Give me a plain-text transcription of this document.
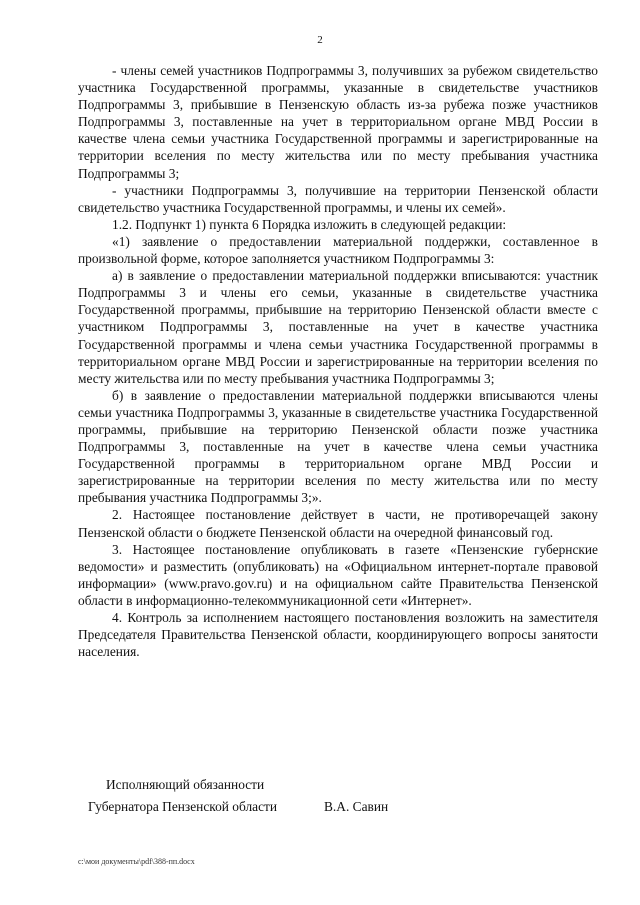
2

- члены семей участников Подпрограммы 3, получивших за рубежом свидетельство участника Государственной программы, указанные в свидетельстве участников Подпрограммы 3, прибывшие в Пензенскую область из-за рубежа позже участников Подпрограммы 3, поставленные на учет в территориальном органе МВД России в качестве члена семьи участника Государственной программы и зарегистрированные на территории вселения по месту жительства или по месту пребывания участника Подпрограммы 3;

- участники Подпрограммы 3, получившие на территории Пензенской области свидетельство участника Государственной программы, и члены их семей».

1.2. Подпункт 1) пункта 6 Порядка изложить в следующей редакции:

«1) заявление о предоставлении материальной поддержки, составленное в произвольной форме, которое заполняется участником Подпрограммы 3:

а) в заявление о предоставлении материальной поддержки вписываются: участник Подпрограммы 3 и члены его семьи, указанные в свидетельстве участника Государственной программы, прибывшие на территорию Пензенской области вместе с участником Подпрограммы 3, поставленные на учет в качестве участника Государственной программы и члена семьи участника Государственной программы в территориальном органе МВД России и зарегистрированные на территории вселения по месту жительства или по месту пребывания участника Подпрограммы 3;

б) в заявление о предоставлении материальной поддержки вписываются члены семьи участника Подпрограммы 3, указанные в свидетельстве участника Государственной программы, прибывшие на территорию Пензенской области позже участника Подпрограммы 3, поставленные на учет в качестве члена семьи участника Государственной программы в территориальном органе МВД России и зарегистрированные на территории вселения по месту жительства или по месту пребывания участника Подпрограммы 3;».

2. Настоящее постановление действует в части, не противоречащей закону Пензенской области о бюджете Пензенской области на очередной финансовый год.

3. Настоящее постановление опубликовать в газете «Пензенские губернские ведомости» и разместить (опубликовать) на «Официальном интернет-портале правовой информации» (www.pravo.gov.ru) и на официальном сайте Правительства Пензенской области в информационно-телекоммуникационной сети «Интернет».

4. Контроль за исполнением настоящего постановления возложить на заместителя Председателя Правительства Пензенской области, координирующего вопросы занятости населения.

Исполняющий обязанности
Губернатора Пензенской области	В.А. Савин
c:\мои документы\pdf\388-пп.docx
